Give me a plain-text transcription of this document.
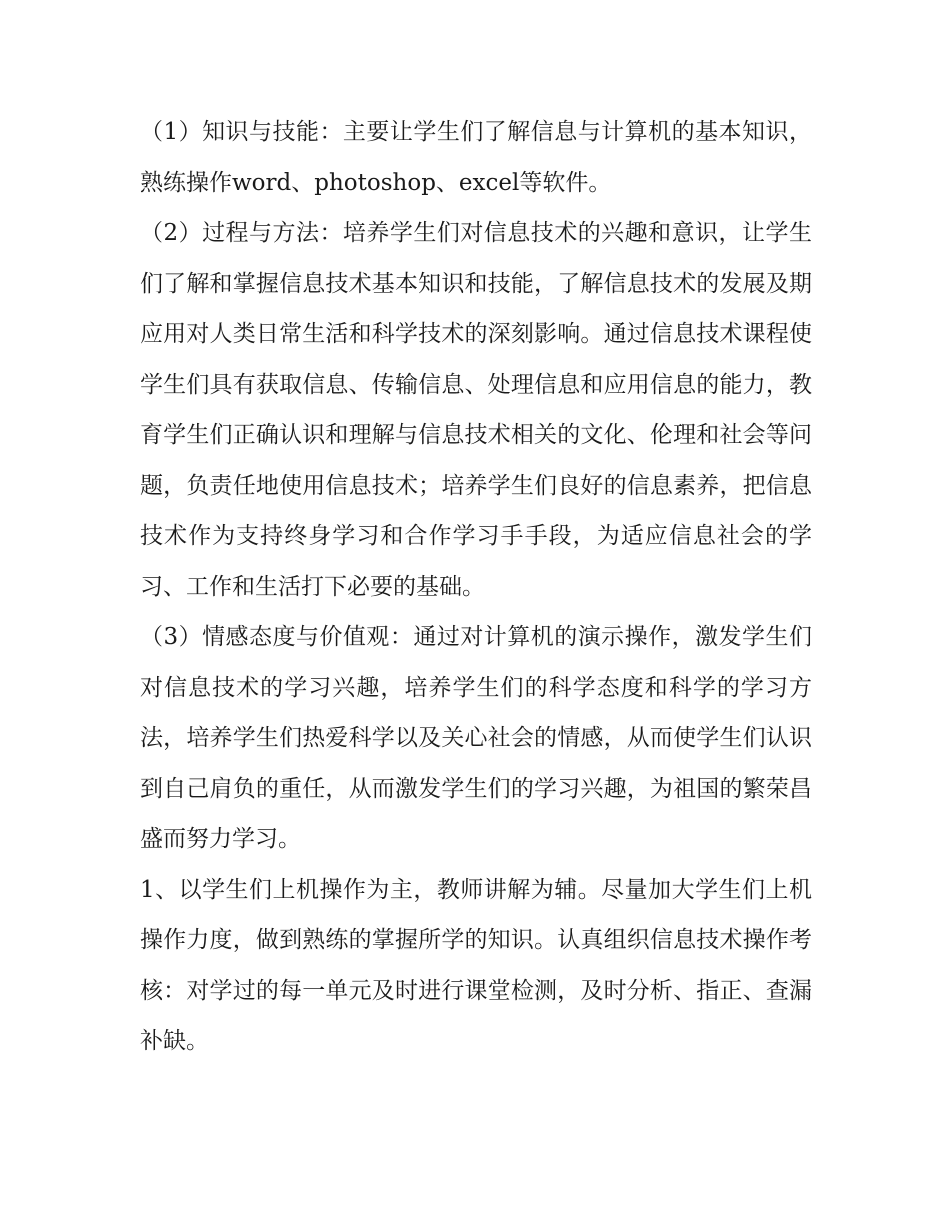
（1）知识与技能：主要让学生们了解信息与计算机的基本知识，熟练操作word、photoshop、excel等软件。

（2）过程与方法：培养学生们对信息技术的兴趣和意识，让学生们了解和掌握信息技术基本知识和技能，了解信息技术的发展及期应用对人类日常生活和科学技术的深刻影响。通过信息技术课程使学生们具有获取信息、传输信息、处理信息和应用信息的能力，教育学生们正确认识和理解与信息技术相关的文化、伦理和社会等问题，负责任地使用信息技术；培养学生们良好的信息素养，把信息技术作为支持终身学习和合作学习手手段，为适应信息社会的学习、工作和生活打下必要的基础。

（3）情感态度与价值观：通过对计算机的演示操作，激发学生们对信息技术的学习兴趣，培养学生们的科学态度和科学的学习方法，培养学生们热爱科学以及关心社会的情感，从而使学生们认识到自己肩负的重任，从而激发学生们的学习兴趣，为祖国的繁荣昌盛而努力学习。

1、以学生们上机操作为主，教师讲解为辅。尽量加大学生们上机操作力度，做到熟练的掌握所学的知识。认真组织信息技术操作考核：对学过的每一单元及时进行课堂检测，及时分析、指正、查漏补缺。
